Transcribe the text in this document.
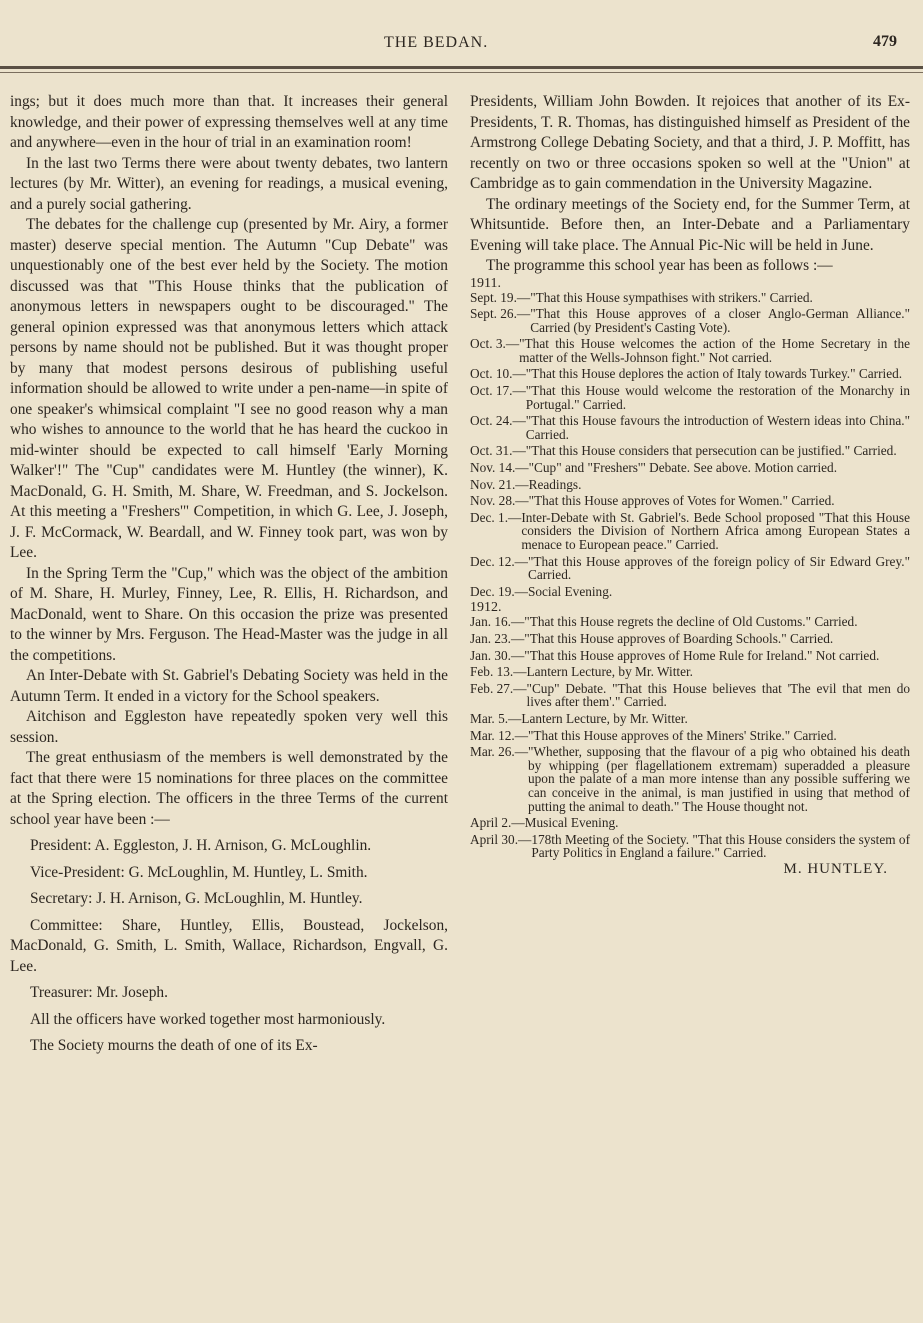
THE BEDAN.	479

ings; but it does much more than that. It increases their general knowledge, and their power of expressing themselves well at any time and anywhere—even in the hour of trial in an examination room!

In the last two Terms there were about twenty debates, two lantern lectures (by Mr. Witter), an evening for readings, a musical evening, and a purely social gathering.

The debates for the challenge cup (presented by Mr. Airy, a former master) deserve special mention. The Autumn "Cup Debate" was unquestionably one of the best ever held by the Society. The motion discussed was that "This House thinks that the publication of anonymous letters in newspapers ought to be discouraged." The general opinion expressed was that anonymous letters which attack persons by name should not be published. But it was thought proper by many that modest persons desirous of publishing useful information should be allowed to write under a pen-name—in spite of one speaker's whimsical complaint "I see no good reason why a man who wishes to announce to the world that he has heard the cuckoo in mid-winter should be expected to call himself 'Early Morning Walker'!" The "Cup" candidates were M. Huntley (the winner), K. MacDonald, G. H. Smith, M. Share, W. Freedman, and S. Jockelson. At this meeting a "Freshers'" Competition, in which G. Lee, J. Joseph, J. F. McCormack, W. Beardall, and W. Finney took part, was won by Lee.

In the Spring Term the "Cup," which was the object of the ambition of M. Share, H. Murley, Finney, Lee, R. Ellis, H. Richardson, and MacDonald, went to Share. On this occasion the prize was presented to the winner by Mrs. Ferguson. The Head-Master was the judge in all the competitions.

An Inter-Debate with St. Gabriel's Debating Society was held in the Autumn Term. It ended in a victory for the School speakers.

Aitchison and Eggleston have repeatedly spoken very well this session.

The great enthusiasm of the members is well demonstrated by the fact that there were 15 nominations for three places on the committee at the Spring election. The officers in the three Terms of the current school year have been :—

President: A. Eggleston, J. H. Arnison, G. McLoughlin.

Vice-President: G. McLoughlin, M. Huntley, L. Smith.

Secretary: J. H. Arnison, G. McLoughlin, M. Huntley.

Committee: Share, Huntley, Ellis, Boustead, Jockelson, MacDonald, G. Smith, L. Smith, Wallace, Richardson, Engvall, G. Lee.

Treasurer: Mr. Joseph.

All the officers have worked together most harmoniously.

The Society mourns the death of one of its Ex-

Presidents, William John Bowden. It rejoices that another of its Ex-Presidents, T. R. Thomas, has distinguished himself as President of the Armstrong College Debating Society, and that a third, J. P. Moffitt, has recently on two or three occasions spoken so well at the "Union" at Cambridge as to gain commendation in the University Magazine.

The ordinary meetings of the Society end, for the Summer Term, at Whitsuntide. Before then, an Inter-Debate and a Parliamentary Evening will take place. The Annual Pic-Nic will be held in June.

The programme this school year has been as follows :—

1911.

Sept. 19.— "That this House sympathises with strikers." Carried.
Sept. 26.— "That this House approves of a closer Anglo-German Alliance." Carried (by President's Casting Vote).
Oct. 3.— "That this House welcomes the action of the Home Secretary in the matter of the Wells-Johnson fight." Not carried.
Oct. 10.— "That this House deplores the action of Italy towards Turkey." Carried.
Oct. 17.— "That this House would welcome the restoration of the Monarchy in Portugal." Carried.
Oct. 24.— "That this House favours the introduction of Western ideas into China." Carried.
Oct. 31.— "That this House considers that persecution can be justified." Carried.
Nov. 14.— "Cup" and "Freshers'" Debate. See above. Motion carried.
Nov. 21.— Readings.
Nov. 28.— "That this House approves of Votes for Women." Carried.
Dec. 1.— Inter-Debate with St. Gabriel's. Bede School proposed "That this House considers the Division of Northern Africa among European States a menace to European peace." Carried.
Dec. 12.— "That this House approves of the foreign policy of Sir Edward Grey." Carried.
Dec. 19.— Social Evening.

1912.

Jan. 16.— "That this House regrets the decline of Old Customs." Carried.
Jan. 23.— "That this House approves of Boarding Schools." Carried.
Jan. 30.— "That this House approves of Home Rule for Ireland." Not carried.
Feb. 13.— Lantern Lecture, by Mr. Witter.
Feb. 27.— "Cup" Debate. "That this House believes that 'The evil that men do lives after them'." Carried.
Mar. 5.— Lantern Lecture, by Mr. Witter.
Mar. 12.— "That this House approves of the Miners' Strike." Carried.
Mar. 26.— "Whether, supposing that the flavour of a pig who obtained his death by whipping (per flagellationem extremam) superadded a pleasure upon the palate of a man more intense than any possible suffering we can conceive in the animal, is man justified in using that method of putting the animal to death." The House thought not.
April 2.— Musical Evening.
April 30.— 178th Meeting of the Society. "That this House considers the system of Party Politics in England a failure." Carried.
M. HUNTLEY.
